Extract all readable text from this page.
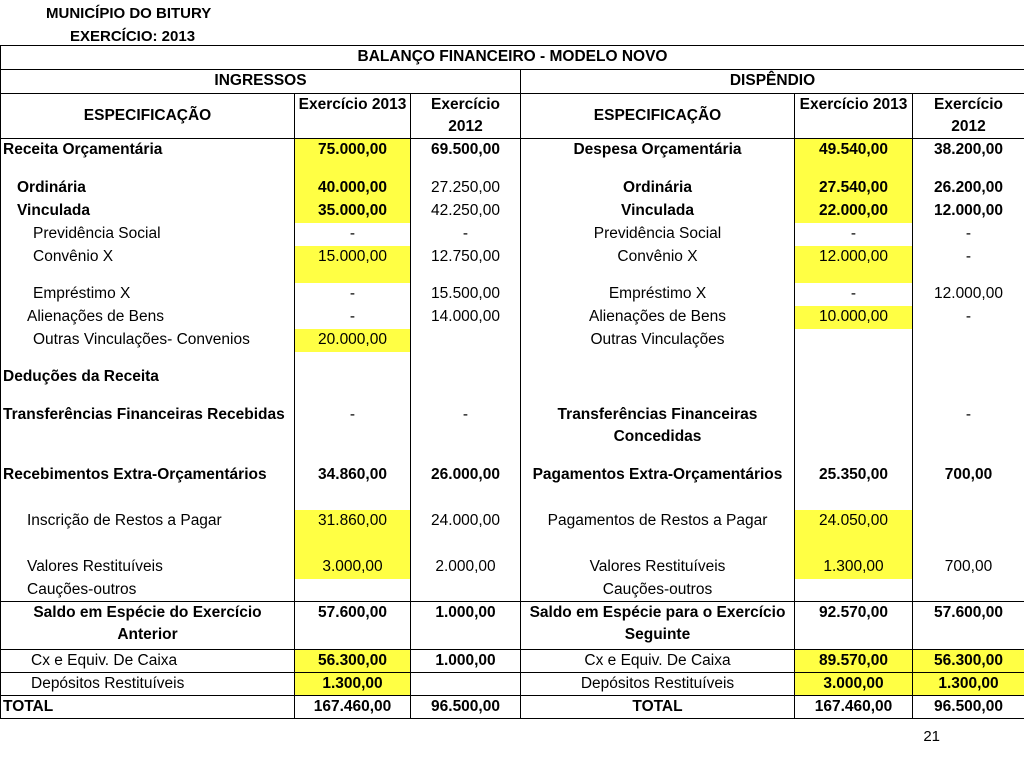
MUNICÍPIO DO BITURY
EXERCÍCIO: 2013
BALANÇO FINANCEIRO - MODELO NOVO					
INGRESSOS			DISPÊNDIO		
ESPECIFICAÇÃO	Exercício 2013	Exercício 2012	ESPECIFICAÇÃO	Exercício 2013	Exercício 2012
Receita Orçamentária	75.000,00	69.500,00	Despesa Orçamentária	49.540,00	38.200,00

Ordinária	40.000,00	27.250,00	Ordinária	27.540,00	26.200,00
Vinculada	35.000,00	42.250,00	Vinculada	22.000,00	12.000,00
Previdência Social	-	-	Previdência Social	-	-
Convênio X	15.000,00	12.750,00	Convênio X	12.000,00	-

Empréstimo X	-	15.500,00	Empréstimo X	-	12.000,00
Alienações de Bens	-	14.000,00	Alienações de Bens	10.000,00	-
Outras Vinculações- Convenios	20.000,00		Outras Vinculações		

Deduções da Receita					

Transferências Financeiras Recebidas	-	-	Transferências Financeiras Concedidas		-

Recebimentos Extra-Orçamentários	34.860,00	26.000,00	Pagamentos Extra-Orçamentários	25.350,00	700,00
Inscrição de Restos a Pagar	31.860,00	24.000,00	Pagamentos de Restos a Pagar	24.050,00	
Valores Restituíveis	3.000,00	2.000,00	Valores Restituíveis	1.300,00	700,00
Cauções-outros			Cauções-outros		
Saldo em Espécie do Exercício Anterior	57.600,00	1.000,00	Saldo em Espécie para o Exercício Seguinte	92.570,00	57.600,00
Cx e Equiv. De Caixa	56.300,00	1.000,00	Cx e Equiv. De Caixa	89.570,00	56.300,00
Depósitos Restituíveis	1.300,00		Depósitos Restituíveis	3.000,00	1.300,00
TOTAL	167.460,00	96.500,00	TOTAL	167.460,00	96.500,00
21
